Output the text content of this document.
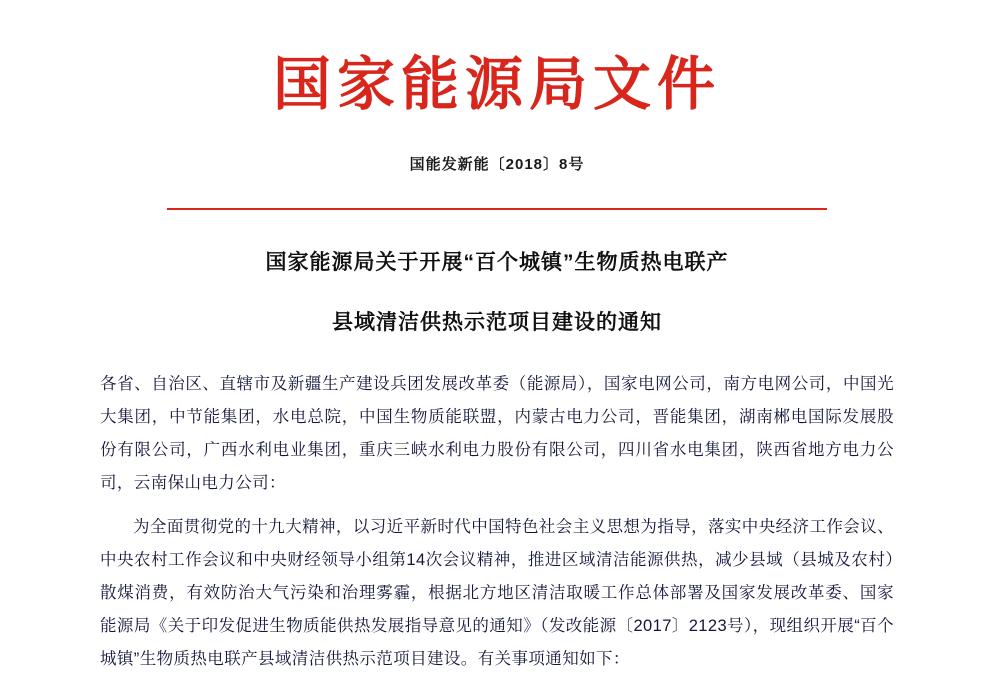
国家能源局文件
国能发新能〔2018〕8号
国家能源局关于开展“百个城镇”生物质热电联产
县域清洁供热示范项目建设的通知

各省、自治区、直辖市及新疆生产建设兵团发展改革委（能源局），国家电网公司，南方电网公司，中国光大集团，中节能集团，水电总院，中国生物质能联盟，内蒙古电力公司，晋能集团，湖南郴电国际发展股份有限公司，广西水利电业集团，重庆三峡水利电力股份有限公司，四川省水电集团，陕西省地方电力公司，云南保山电力公司：

为全面贯彻党的十九大精神，以习近平新时代中国特色社会主义思想为指导，落实中央经济工作会议、中央农村工作会议和中央财经领导小组第14次会议精神，推进区域清洁能源供热，减少县域（县城及农村）散煤消费，有效防治大气污染和治理雾霾，根据北方地区清洁取暖工作总体部署及国家发展改革委、国家能源局《关于印发促进生物质能供热发展指导意见的通知》（发改能源〔2017〕2123号），现组织开展“百个城镇”生物质热电联产县域清洁供热示范项目建设。有关事项通知如下：
